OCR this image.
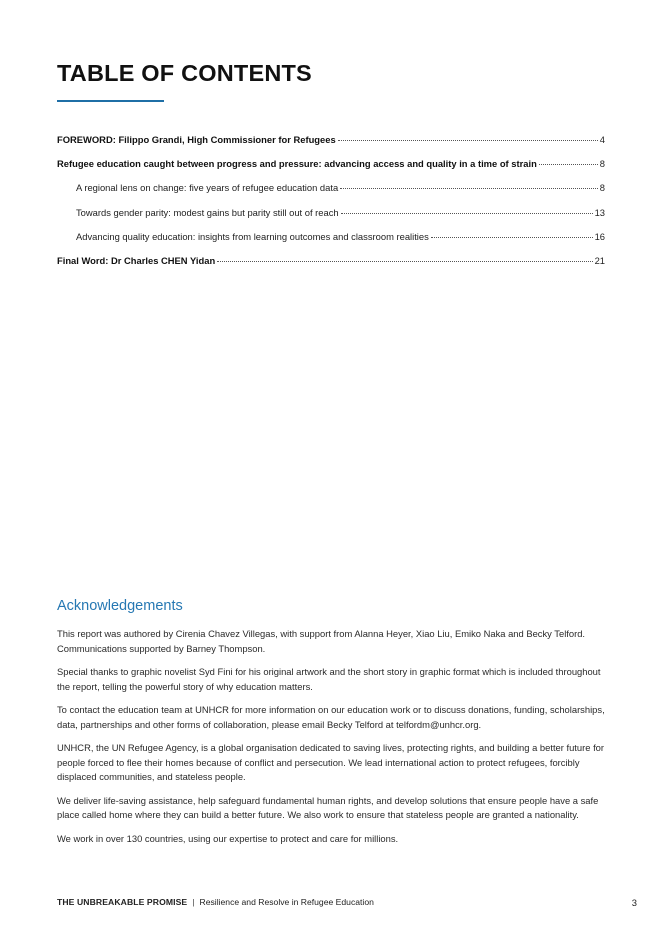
TABLE OF CONTENTS
FOREWORD: Filippo Grandi, High Commissioner for Refugees	4
Refugee education caught between progress and pressure: advancing access and quality in a time of strain	8
A regional lens on change: five years of refugee education data	8
Towards gender parity: modest gains but parity still out of reach	13
Advancing quality education: insights from learning outcomes and classroom realities	16
Final Word: Dr Charles CHEN Yidan	21
Acknowledgements

This report was authored by Cirenia Chavez Villegas, with support from Alanna Heyer, Xiao Liu, Emiko Naka and Becky Telford. Communications supported by Barney Thompson.

Special thanks to graphic novelist Syd Fini for his original artwork and the short story in graphic format which is included throughout the report, telling the powerful story of why education matters.

To contact the education team at UNHCR for more information on our education work or to discuss donations, funding, scholarships, data, partnerships and other forms of collaboration, please email Becky Telford at telfordm@unhcr.org.

UNHCR, the UN Refugee Agency, is a global organisation dedicated to saving lives, protecting rights, and building a better future for people forced to flee their homes because of conflict and persecution. We lead international action to protect refugees, forcibly displaced communities, and stateless people.

We deliver life-saving assistance, help safeguard fundamental human rights, and develop solutions that ensure people have a safe place called home where they can build a better future. We also work to ensure that stateless people are granted a nationality.

We work in over 130 countries, using our expertise to protect and care for millions.

THE UNBREAKABLE PROMISE | Resilience and Resolve in Refugee Education	3
